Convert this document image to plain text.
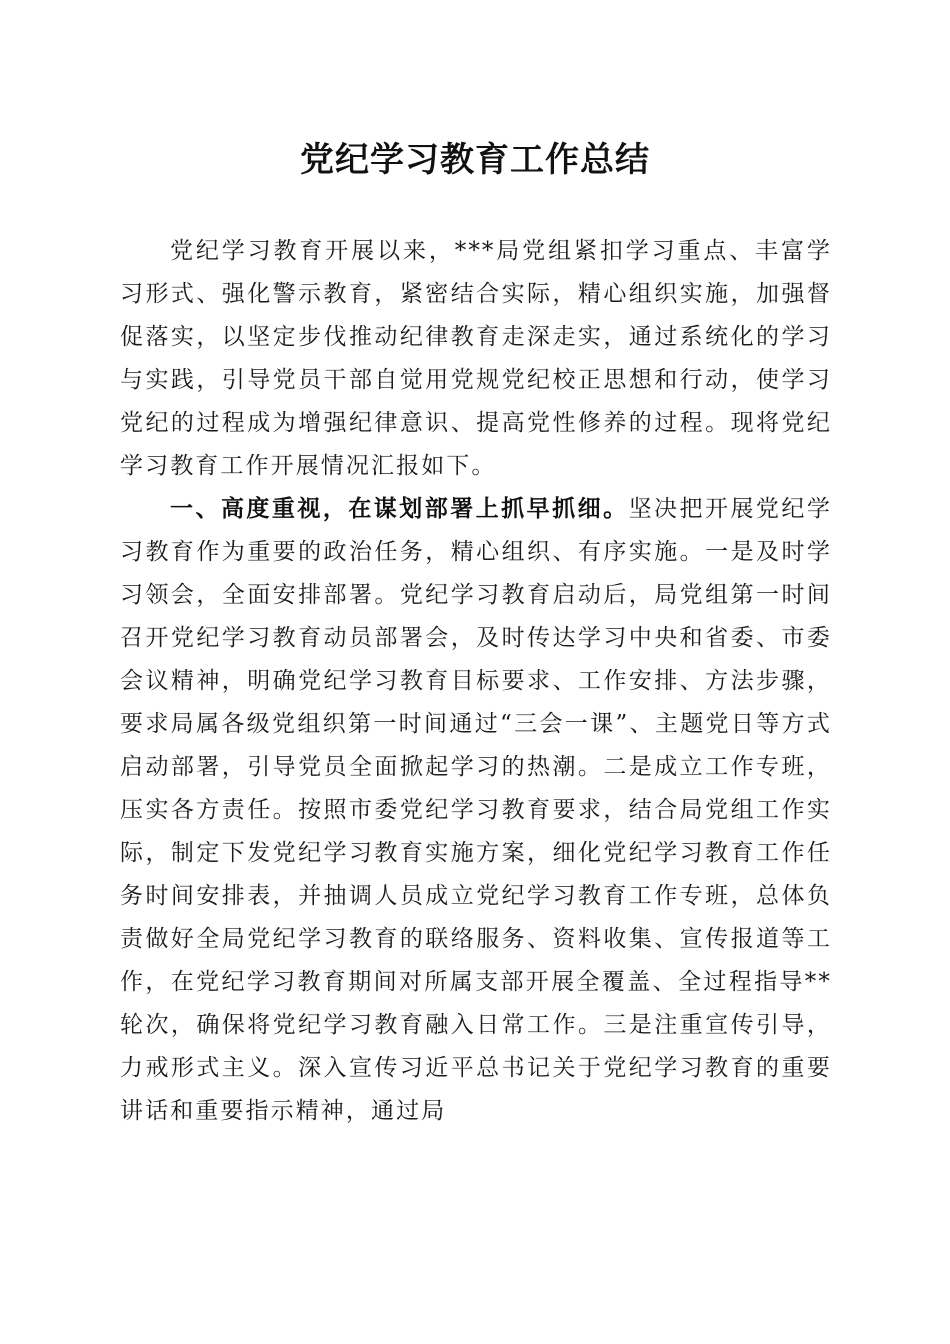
党纪学习教育工作总结

党纪学习教育开展以来，***局党组紧扣学习重点、丰富学习形式、强化警示教育，紧密结合实际，精心组织实施，加强督促落实，以坚定步伐推动纪律教育走深走实，通过系统化的学习与实践，引导党员干部自觉用党规党纪校正思想和行动，使学习党纪的过程成为增强纪律意识、提高党性修养的过程。现将党纪学习教育工作开展情况汇报如下。

一、高度重视，在谋划部署上抓早抓细。坚决把开展党纪学习教育作为重要的政治任务，精心组织、有序实施。一是及时学习领会，全面安排部署。党纪学习教育启动后，局党组第一时间召开党纪学习教育动员部署会，及时传达学习中央和省委、市委会议精神，明确党纪学习教育目标要求、工作安排、方法步骤，要求局属各级党组织第一时间通过“三会一课”、主题党日等方式启动部署，引导党员全面掀起学习的热潮。二是成立工作专班，压实各方责任。按照市委党纪学习教育要求，结合局党组工作实际，制定下发党纪学习教育实施方案，细化党纪学习教育工作任务时间安排表，并抽调人员成立党纪学习教育工作专班，总体负责做好全局党纪学习教育的联络服务、资料收集、宣传报道等工作，在党纪学习教育期间对所属支部开展全覆盖、全过程指导**轮次，确保将党纪学习教育融入日常工作。三是注重宣传引导，力戒形式主义。深入宣传习近平总书记关于党纪学习教育的重要讲话和重要指示精神，通过局
